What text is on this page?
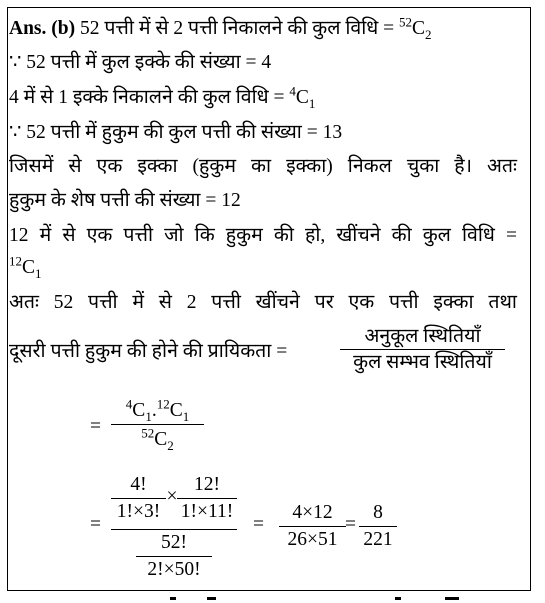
Ans. (b) 52 पत्ती में से 2 पत्ती निकालने की कुल विधि = $^{52}C_2$
∵ 52 पत्ती में कुल इक्के की संख्या = 4
4 में से 1 इक्के निकालने की कुल विधि = $^4C_1$
∵ 52 पत्ती में हुकुम की कुल पत्ती की संख्या = 13
जिसमें से एक इक्का (हुकुम का इक्का) निकल चुका है। अतः
हुकुम के शेष पत्ती की संख्या = 12
12 में से एक पत्ती जो कि हुकुम की हो, खींचने की कुल विधि =
$^{12}C_1$
अतः 52 पत्ती में से 2 पत्ती खींचने पर एक पत्ती इक्का तथा
दूसरी पत्ती हुकुम की होने की प्रायिकता =
अनुकूल स्थितियाँ
कुल सम्भव स्थितियाँ
= $\frac{^4C_1.^{12}C_1}{^{52}C_2}$
= $\frac{4!}{1!\times 3!} \times \frac{12!}{1!\times 11!}$
$\frac{52!}{2!\times 50!}$
= $\frac{4\times 12}{26\times 51} = \frac{8}{221}$
